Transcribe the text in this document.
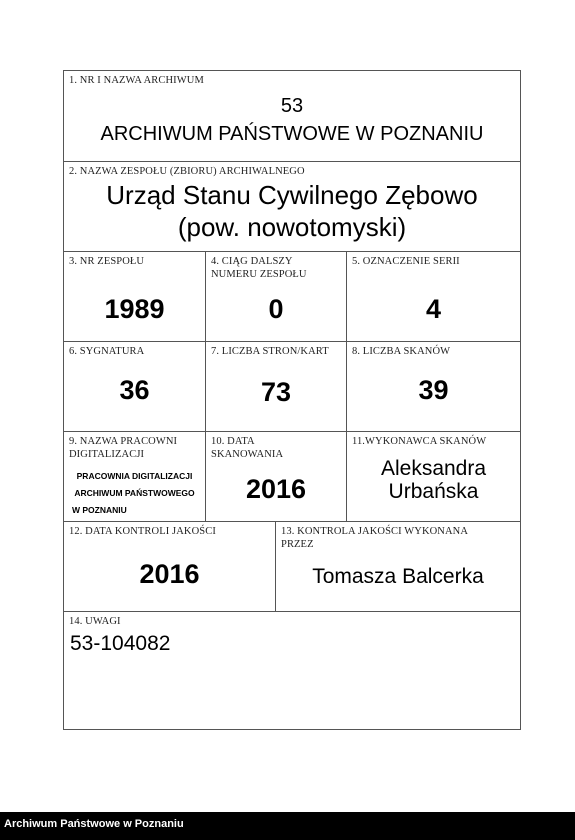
1. NR I NAZWA ARCHIWUM
53
ARCHIWUM PAŃSTWOWE W POZNANIU
2. NAZWA ZESPOŁU (ZBIORU) ARCHIWALNEGO
Urząd Stanu Cywilnego Zębowo
(pow. nowotomyski)
3. NR ZESPOŁU
1989
4. CIĄG DALSZY
NUMERU ZESPOŁU
0
5. OZNACZENIE SERII
4
6. SYGNATURA
36
7. LICZBA STRON/KART
73
8. LICZBA SKANÓW
39
9. NAZWA PRACOWNI
DIGITALIZACJI
PRACOWNIA DIGITALIZACJI
ARCHIWUM PAŃSTWOWEGO
W POZNANIU
10. DATA
SKANOWANIA
2016
11.WYKONAWCA SKANÓW
Aleksandra
Urbańska
12. DATA KONTROLI JAKOŚCI
2016
13. KONTROLA JAKOŚCI WYKONANA
PRZEZ
Tomasza Balcerka
14. UWAGI
53-104082
Archiwum Państwowe w Poznaniu
